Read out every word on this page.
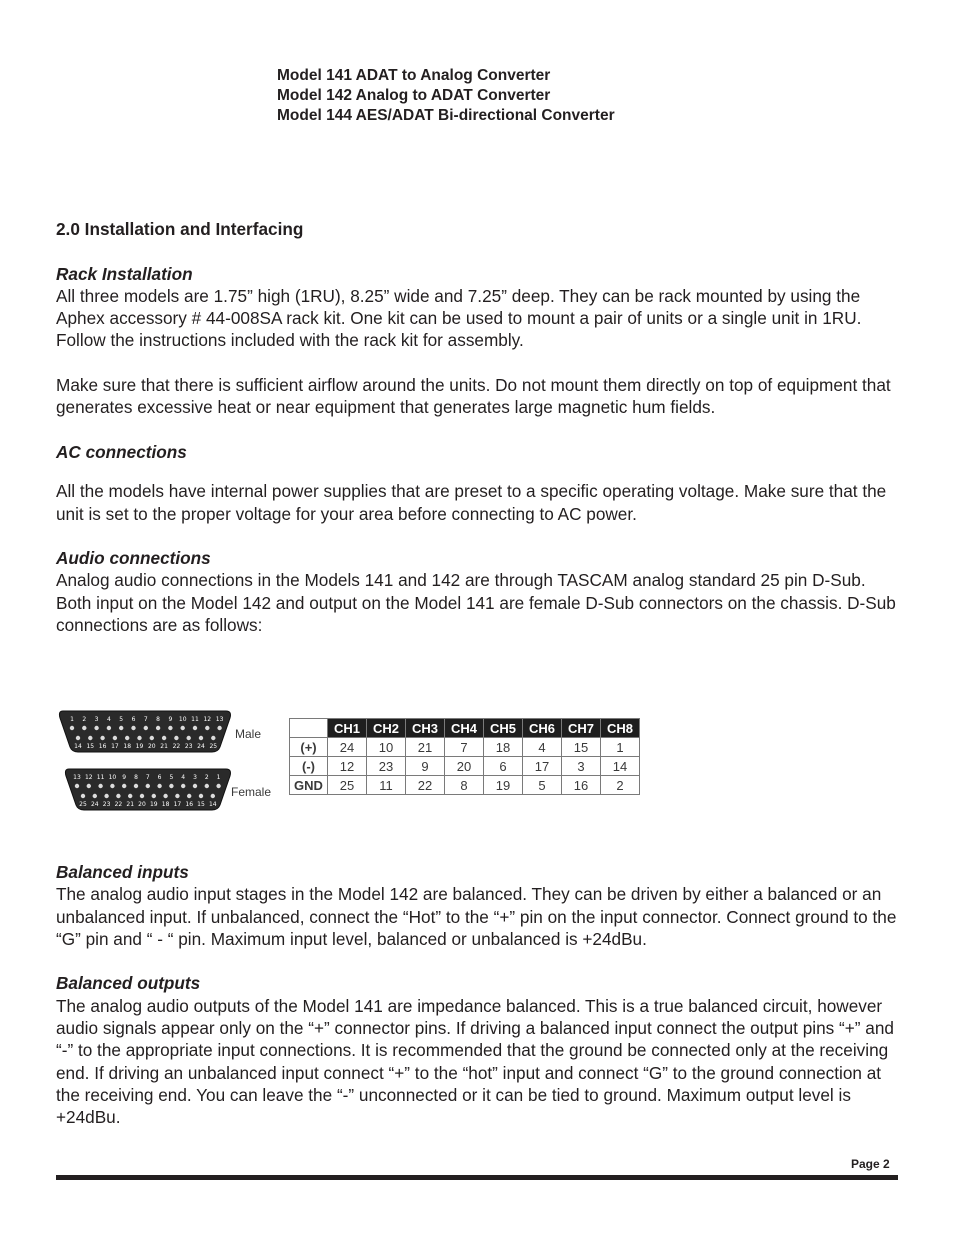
Model 141 ADAT to Analog Converter
Model 142 Analog to ADAT Converter
Model 144 AES/ADAT Bi-directional Converter

2.0 Installation and Interfacing

Rack Installation

All three models are 1.75” high (1RU), 8.25” wide and 7.25” deep. They can be rack mounted by using the Aphex accessory # 44-008SA rack kit. One kit can be used to mount a pair of units or a single unit in 1RU. Follow the instructions included with the rack kit for assembly.

Make sure that there is sufficient airflow around the units. Do not mount them directly on top of equipment that generates excessive heat or near equipment that generates large magnetic hum fields.

AC connections

All the models have internal power supplies that are preset to a specific operating voltage. Make sure that the unit is set to the proper voltage for your area before connecting to AC power.

Audio connections

Analog audio connections in the Models 141 and 142 are through TASCAM analog standard 25 pin D-Sub. Both input on the Model 142 and output on the Model 141 are female D-Sub connectors on the chassis. D-Sub connections are as follows:

1 2 3 4 5 6 7 8 9 10 11 12 13
14 15 16 17 18 19 20 21 22 23 24 25
Male
13 12 11 10 9 8 7 6 5 4 3 2 1
25 24 23 22 21 20 19 18 17 16 15 14
Female
	CH1	CH2	CH3	CH4	CH5	CH6	CH7	CH8
(+)	24	10	21	7	18	4	15	1
(-)	12	23	9	20	6	17	3	14
GND	25	11	22	8	19	5	16	2

Balanced inputs

The analog audio input stages in the Model 142 are balanced. They can be driven by either a balanced or an unbalanced input. If unbalanced, connect the “Hot” to the “+” pin on the input connector. Connect ground to the “G” pin and “ - “ pin. Maximum input level, balanced or unbalanced is +24dBu.

Balanced outputs

The analog audio outputs of the Model 141 are impedance balanced. This is a true balanced circuit, however audio signals appear only on the “+” connector pins. If driving a balanced input connect the output pins “+” and “-” to the appropriate input connections. It is recommended that the ground be connected only at the receiving end. If driving an unbalanced input connect “+” to the “hot” input and connect “G” to the ground connection at the receiving end. You can leave the “-” unconnected or it can be tied to ground. Maximum output level is +24dBu.

Page 2
